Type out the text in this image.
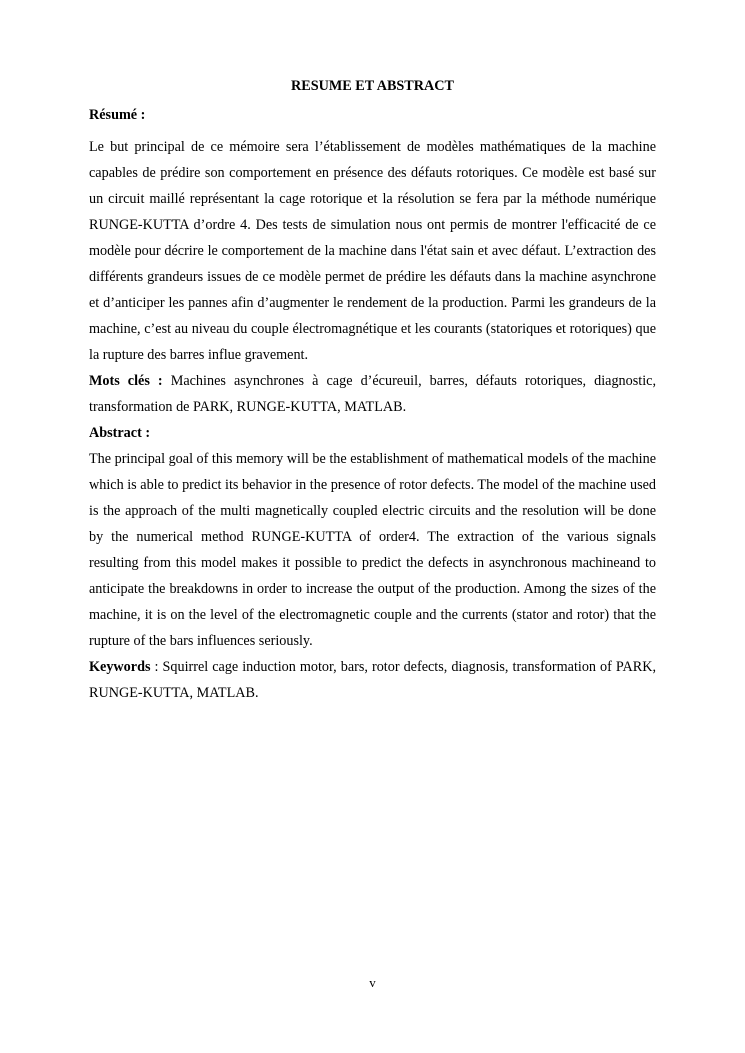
RESUME ET ABSTRACT

Résumé :

Le but principal de ce mémoire sera l’établissement de modèles mathématiques de la machine capables de prédire son comportement en présence des défauts rotoriques. Ce modèle est basé sur un circuit maillé représentant la cage rotorique et la résolution se fera par la méthode numérique RUNGE-KUTTA d’ordre 4. Des tests de simulation nous ont permis de montrer l'efficacité de ce modèle pour décrire le comportement de la machine dans l'état sain et avec défaut. L’extraction des différents grandeurs issues de ce modèle permet de prédire les défauts dans la machine asynchrone et d’anticiper les pannes afin d’augmenter le rendement de la production. Parmi les grandeurs de la machine, c’est au niveau du couple électromagnétique et les courants (statoriques et rotoriques) que la rupture des barres influe gravement.

Mots clés : Machines asynchrones à cage d’écureuil, barres, défauts rotoriques, diagnostic, transformation de PARK, RUNGE-KUTTA, MATLAB.

Abstract :

The principal goal of this memory will be the establishment of mathematical models of the machine which is able to predict its behavior in the presence of rotor defects. The model of the machine used is the approach of the multi magnetically coupled electric circuits and the resolution will be done by the numerical method RUNGE-KUTTA of order4. The extraction of the various signals resulting from this model makes it possible to predict the defects in asynchronous machineand to anticipate the breakdowns in order to increase the output of the production. Among the sizes of the machine, it is on the level of the electromagnetic couple and the currents (stator and rotor) that the rupture of the bars influences seriously.

Keywords : Squirrel cage induction motor, bars, rotor defects, diagnosis, transformation of PARK, RUNGE-KUTTA, MATLAB.

v
